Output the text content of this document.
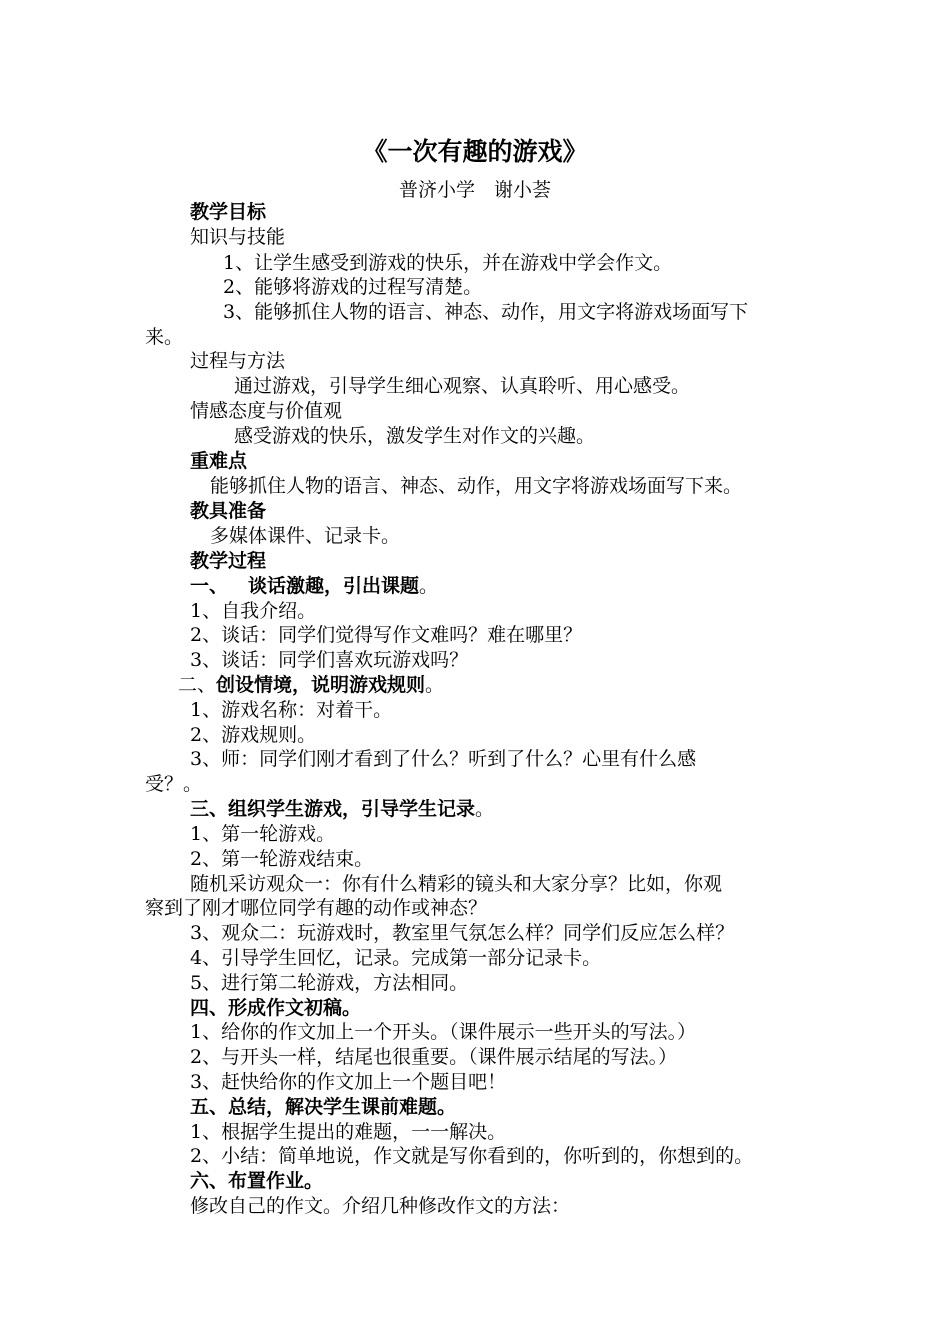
《一次有趣的游戏》
普济小学　谢小荟
教学目标
知识与技能
1、让学生感受到游戏的快乐，并在游戏中学会作文。
2、能够将游戏的过程写清楚。
3、能够抓住人物的语言、神态、动作，用文字将游戏场面写下
来。
过程与方法
通过游戏，引导学生细心观察、认真聆听、用心感受。
情感态度与价值观
感受游戏的快乐，激发学生对作文的兴趣。
重难点
能够抓住人物的语言、神态、动作，用文字将游戏场面写下来。
教具准备
多媒体课件、记录卡。
教学过程
一、 谈话激趣，引出课题。
1、自我介绍。
2、谈话：同学们觉得写作文难吗？难在哪里？
3、谈话：同学们喜欢玩游戏吗？
二、创设情境，说明游戏规则。
1、游戏名称：对着干。
2、游戏规则。
3、师：同学们刚才看到了什么？听到了什么？心里有什么感
受？。
三、组织学生游戏，引导学生记录。
1、第一轮游戏。
2、第一轮游戏结束。
随机采访观众一：你有什么精彩的镜头和大家分享？比如，你观
察到了刚才哪位同学有趣的动作或神态？
3、观众二：玩游戏时，教室里气氛怎么样？同学们反应怎么样？
4、引导学生回忆，记录。完成第一部分记录卡。
5、进行第二轮游戏，方法相同。
四、形成作文初稿。
1、给你的作文加上一个开头。（课件展示一些开头的写法。）
2、与开头一样，结尾也很重要。（课件展示结尾的写法。）
3、赶快给你的作文加上一个题目吧！
五、总结，解决学生课前难题。
1、根据学生提出的难题，一一解决。
2、小结：简单地说，作文就是写你看到的，你听到的，你想到的。
六、布置作业。
修改自己的作文。介绍几种修改作文的方法：
